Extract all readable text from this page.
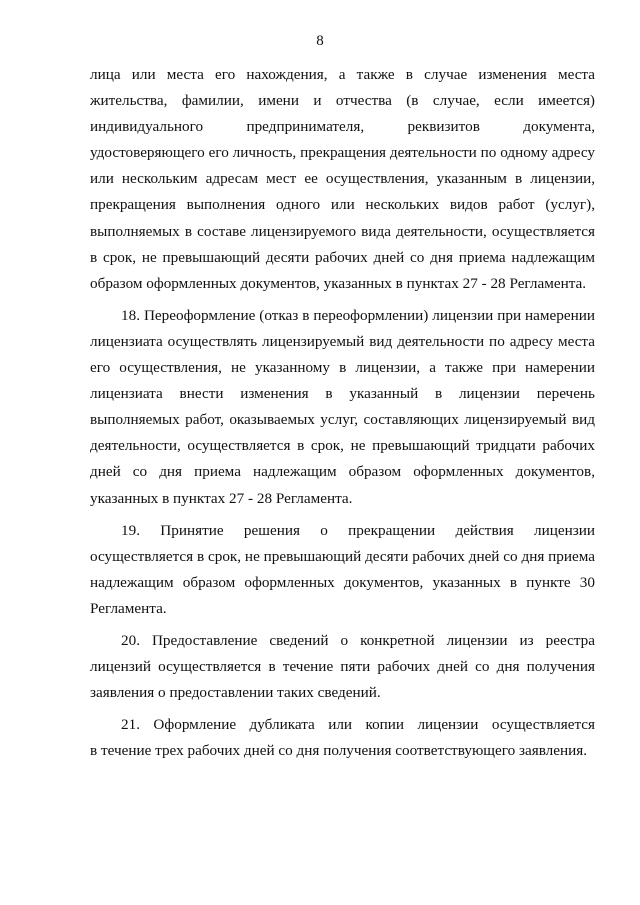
8
лица или места его нахождения, а также в случае изменения места
жительства, фамилии, имени и отчества (в случае, если имеется)
индивидуального предпринимателя, реквизитов документа,
удостоверяющего его личность, прекращения деятельности по одному адресу
или нескольким адресам мест ее осуществления, указанным в лицензии,
прекращения выполнения одного или нескольких видов работ (услуг),
выполняемых в составе лицензируемого вида деятельности, осуществляется
в срок, не превышающий десяти рабочих дней со дня приема надлежащим
образом оформленных документов, указанных в пунктах 27 - 28 Регламента.
18. Переоформление (отказ в переоформлении) лицензии при намерении
лицензиата осуществлять лицензируемый вид деятельности по адресу места
его осуществления, не указанному в лицензии, а также при намерении
лицензиата внести изменения в указанный в лицензии перечень
выполняемых работ, оказываемых услуг, составляющих лицензируемый вид
деятельности, осуществляется в срок, не превышающий тридцати рабочих
дней со дня приема надлежащим образом оформленных документов,
указанных в пунктах 27 - 28 Регламента.
19. Принятие решения о прекращении действия лицензии
осуществляется в срок, не превышающий десяти рабочих дней со дня приема
надлежащим образом оформленных документов, указанных в пункте 30
Регламента.
20. Предоставление сведений о конкретной лицензии из реестра
лицензий осуществляется в течение пяти рабочих дней со дня получения
заявления о предоставлении таких сведений.
21. Оформление дубликата или копии лицензии осуществляется
в течение трех рабочих дней со дня получения соответствующего заявления.
